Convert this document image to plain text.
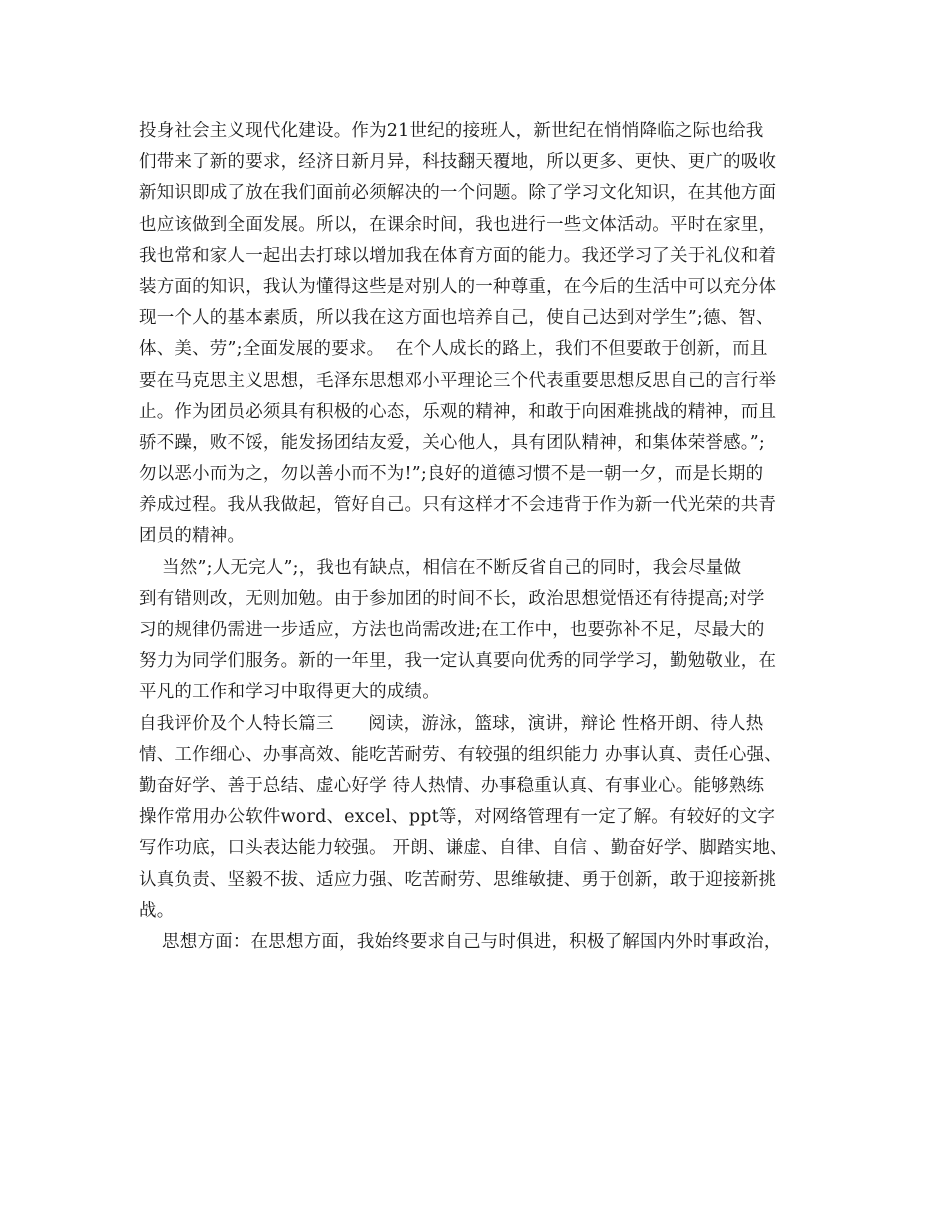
投身社会主义现代化建设。作为21世纪的接班人，新世纪在悄悄降临之际也给我
们带来了新的要求，经济日新月异，科技翻天覆地，所以更多、更快、更广的吸收
新知识即成了放在我们面前必须解决的一个问题。除了学习文化知识，在其他方面
也应该做到全面发展。所以，在课余时间，我也进行一些文体活动。平时在家里，
我也常和家人一起出去打球以增加我在体育方面的能力。我还学习了关于礼仪和着
装方面的知识，我认为懂得这些是对别人的一种尊重，在今后的生活中可以充分体
现一个人的基本素质，所以我在这方面也培养自己，使自己达到对学生”;德、智、
体、美、劳”;全面发展的要求。  在个人成长的路上，我们不但要敢于创新，而且
要在马克思主义思想，毛泽东思想邓小平理论三个代表重要思想反思自己的言行举
止。作为团员必须具有积极的心态，乐观的精神，和敢于向困难挑战的精神，而且
骄不躁，败不馁，能发扬团结友爱，关心他人，具有团队精神，和集体荣誉感。”;
勿以恶小而为之，勿以善小而不为!”;良好的道德习惯不是一朝一夕，而是长期的
养成过程。我从我做起，管好自己。只有这样才不会违背于作为新一代光荣的共青
团员的精神。
当然”;人无完人”;，我也有缺点，相信在不断反省自己的同时，我会尽量做
到有错则改，无则加勉。由于参加团的时间不长，政治思想觉悟还有待提高;对学
习的规律仍需进一步适应，方法也尚需改进;在工作中，也要弥补不足，尽最大的
努力为同学们服务。新的一年里，我一定认真要向优秀的同学学习，勤勉敬业，在
平凡的工作和学习中取得更大的成绩。
自我评价及个人特长篇三      阅读，游泳，篮球，演讲，辩论 性格开朗、待人热
情、工作细心、办事高效、能吃苦耐劳、有较强的组织能力 办事认真、责任心强、
勤奋好学、善于总结、虚心好学 待人热情、办事稳重认真、有事业心。能够熟练
操作常用办公软件word、excel、ppt等，对网络管理有一定了解。有较好的文字
写作功底，口头表达能力较强。 开朗、谦虚、自律、自信 、勤奋好学、脚踏实地、
认真负责、坚毅不拔、适应力强、吃苦耐劳、思维敏捷、勇于创新，敢于迎接新挑
战。
思想方面：在思想方面，我始终要求自己与时俱进，积极了解国内外时事政治，
